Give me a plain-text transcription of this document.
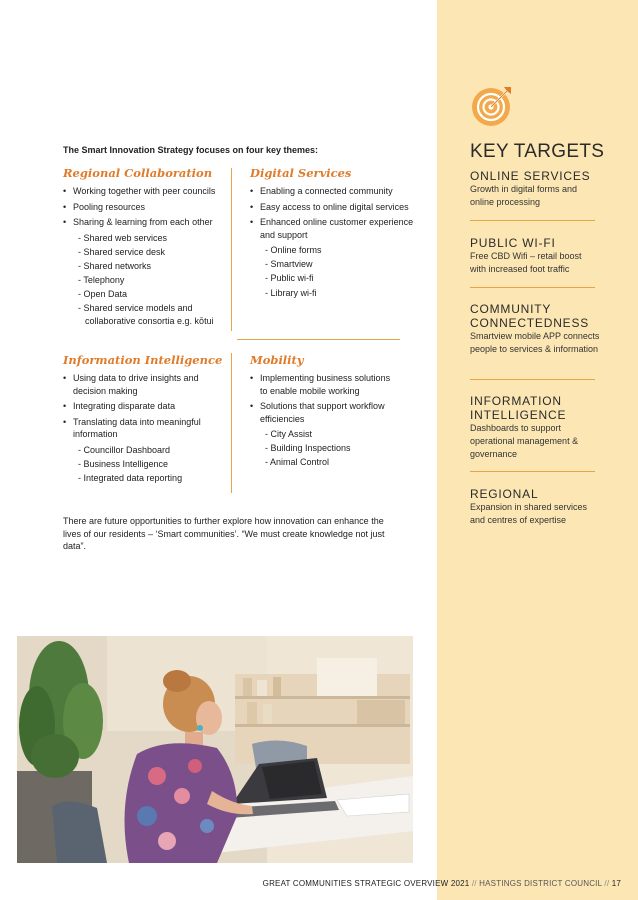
KEY TARGETS
ONLINE SERVICES
Growth in digital forms and online processing
PUBLIC WI-FI
Free CBD Wifi – retail boost with increased foot traffic
COMMUNITY
CONNECTEDNESS
Smartview mobile APP connects people to services & information
INFORMATION
INTELLIGENCE
Dashboards to support operational management & governance
REGIONAL
Expansion in shared services and centres of expertise
The Smart Innovation Strategy focuses on four key themes:
Regional Collaboration
• Working together with peer councils
• Pooling resources
• Sharing & learning from each other
- Shared web services
- Shared service desk
- Shared networks
- Telephony
- Open Data
- Shared service models and collaborative consortia e.g. kōtui
Digital Services
• Enabling a connected community
• Easy access to online digital services
• Enhanced online customer experience and support
- Online forms
- Smartview
- Public wi-fi
- Library wi-fi
Information Intelligence
• Using data to drive insights and decision making
• Integrating disparate data
• Translating data into meaningful information
- Councillor Dashboard
- Business Intelligence
- Integrated data reporting
Mobility
• Implementing business solutions to enable mobile working
• Solutions that support workflow efficiencies
- City Assist
- Building Inspections
- Animal Control
There are future opportunities to further explore how innovation can enhance the lives of our residents – ‘Smart communities’. “We must create knowledge not just data”.
GREAT COMMUNITIES STRATEGIC OVERVIEW 2021 // HASTINGS DISTRICT COUNCIL // 17
